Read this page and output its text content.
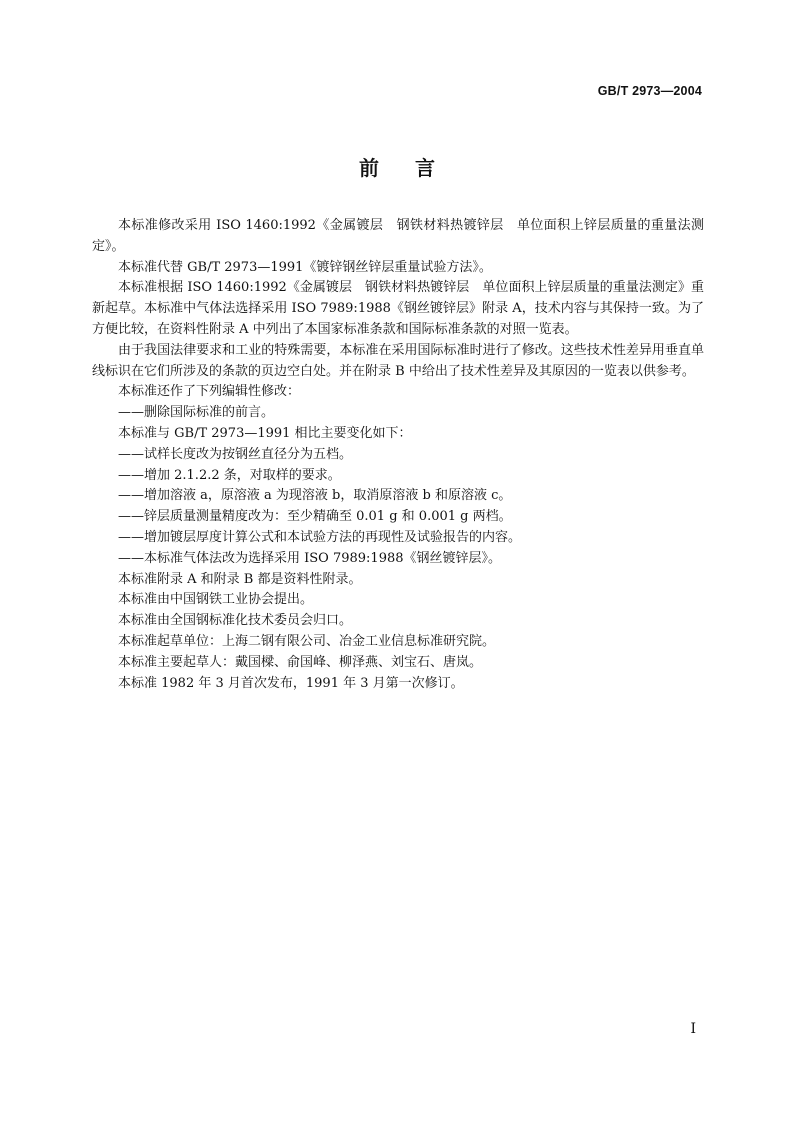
GB/T 2973—2004
前 言

本标准修改采用 ISO 1460:1992《金属镀层　钢铁材料热镀锌层　单位面积上锌层质量的重量法测定》。

本标准代替 GB/T 2973—1991《镀锌钢丝锌层重量试验方法》。

本标准根据 ISO 1460:1992《金属镀层　钢铁材料热镀锌层　单位面积上锌层质量的重量法测定》重新起草。本标准中气体法选择采用 ISO 7989:1988《钢丝镀锌层》附录 A，技术内容与其保持一致。为了方便比较，在资料性附录 A 中列出了本国家标准条款和国际标准条款的对照一览表。

由于我国法律要求和工业的特殊需要，本标准在采用国际标准时进行了修改。这些技术性差异用垂直单线标识在它们所涉及的条款的页边空白处。并在附录 B 中给出了技术性差异及其原因的一览表以供参考。

本标准还作了下列编辑性修改：

——删除国际标准的前言。

本标准与 GB/T 2973—1991 相比主要变化如下：

——试样长度改为按钢丝直径分为五档。

——增加 2.1.2.2 条，对取样的要求。

——增加溶液 a，原溶液 a 为现溶液 b，取消原溶液 b 和原溶液 c。

——锌层质量测量精度改为：至少精确至 0.01 g 和 0.001 g 两档。

——增加镀层厚度计算公式和本试验方法的再现性及试验报告的内容。

——本标准气体法改为选择采用 ISO 7989:1988《钢丝镀锌层》。

本标准附录 A 和附录 B 都是资料性附录。

本标准由中国钢铁工业协会提出。

本标准由全国钢标准化技术委员会归口。

本标准起草单位：上海二钢有限公司、冶金工业信息标准研究院。

本标准主要起草人：戴国樑、俞国峰、柳泽燕、刘宝石、唐岚。

本标准 1982 年 3 月首次发布，1991 年 3 月第一次修订。

I
